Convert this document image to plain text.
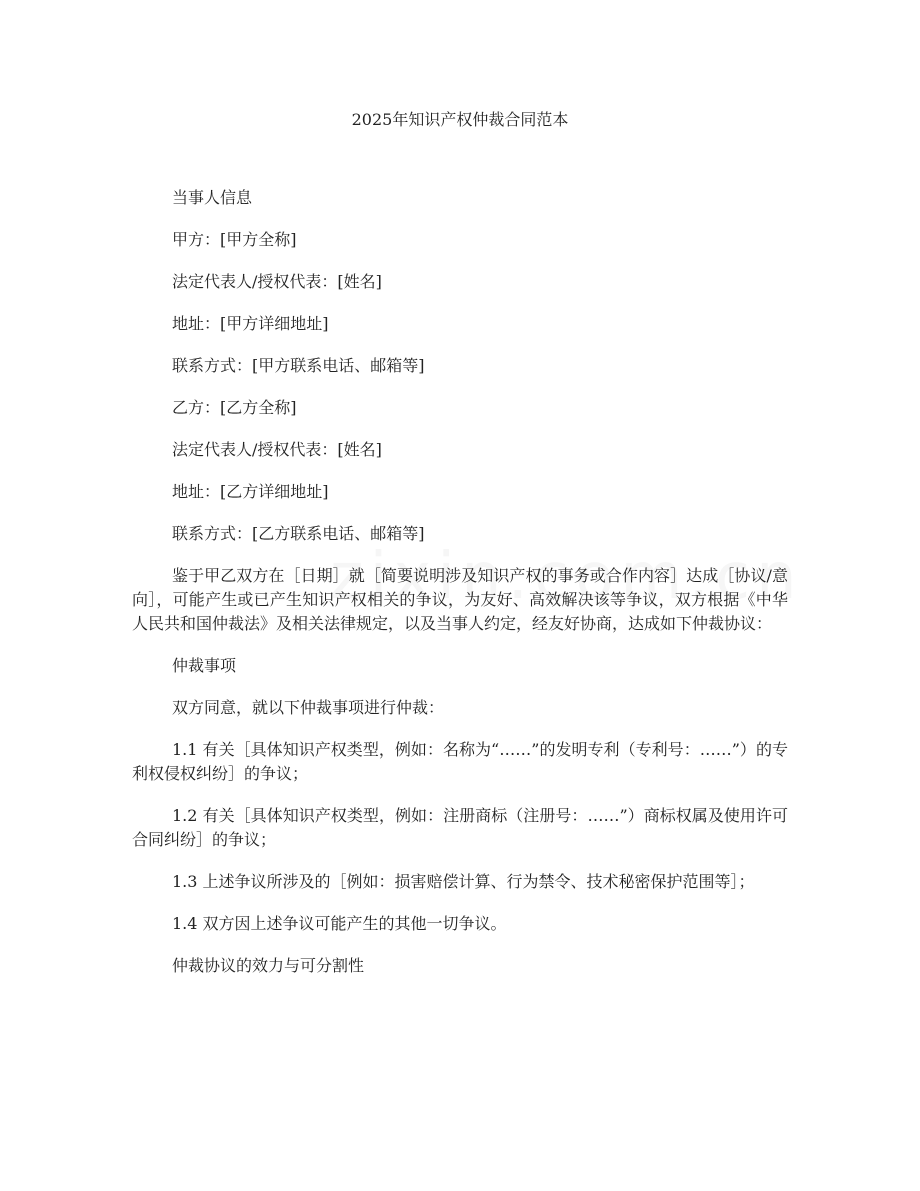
2025年知识产权仲裁合同范本

当事人信息

甲方：[甲方全称]

法定代表人/授权代表：[姓名]

地址：[甲方详细地址]

联系方式：[甲方联系电话、邮箱等]

乙方：[乙方全称]

法定代表人/授权代表：[姓名]

地址：[乙方详细地址]

联系方式：[乙方联系电话、邮箱等]

鉴于甲乙双方在［日期］就［简要说明涉及知识产权的事务或合作内容］达成［协议/意向］，可能产生或已产生知识产权相关的争议，为友好、高效解决该等争议，双方根据《中华人民共和国仲裁法》及相关法律规定，以及当事人约定，经友好协商，达成如下仲裁协议：

仲裁事项

双方同意，就以下仲裁事项进行仲裁：

1.1 有关［具体知识产权类型，例如：名称为“……”的发明专利（专利号：……”）的专利权侵权纠纷］的争议；

1.2 有关［具体知识产权类型，例如：注册商标（注册号：……”）商标权属及使用许可合同纠纷］的争议；

1.3 上述争议所涉及的［例如：损害赔偿计算、行为禁令、技术秘密保护范围等］；

1.4 双方因上述争议可能产生的其他一切争议。

仲裁协议的效力与可分割性
